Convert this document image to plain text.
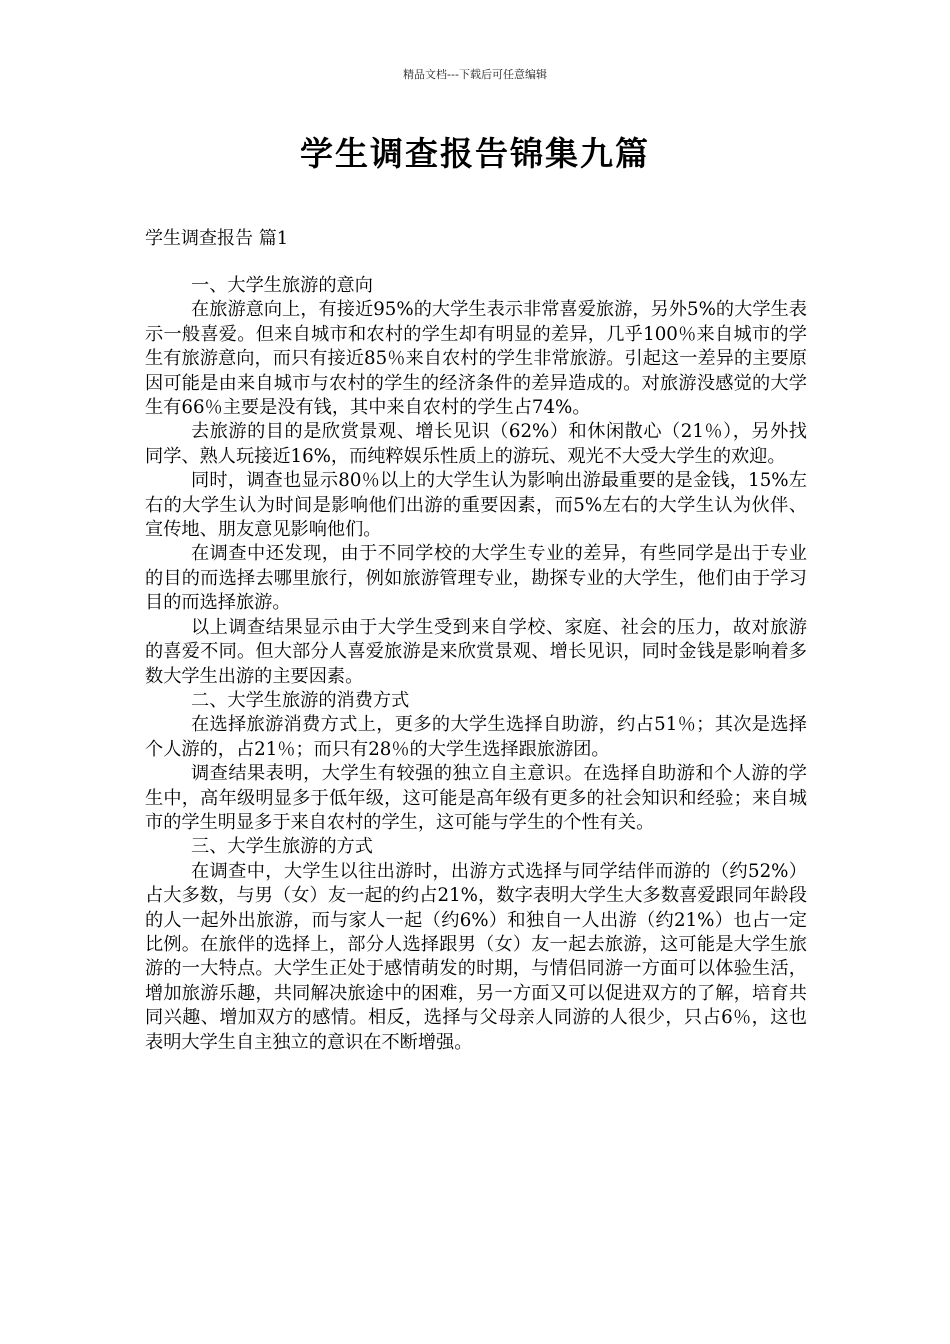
精品文档---下载后可任意编辑
学生调查报告锦集九篇
学生调查报告 篇1

一、大学生旅游的意向

在旅游意向上，有接近95%的大学生表示非常喜爱旅游，另外5%的大学生表示一般喜爱。但来自城市和农村的学生却有明显的差异，几乎100％来自城市的学生有旅游意向，而只有接近85％来自农村的学生非常旅游。引起这一差异的主要原因可能是由来自城市与农村的学生的经济条件的差异造成的。对旅游没感觉的大学生有66％主要是没有钱，其中来自农村的学生占74%。

去旅游的目的是欣赏景观、增长见识（62%）和休闲散心（21％），另外找同学、熟人玩接近16%，而纯粹娱乐性质上的游玩、观光不大受大学生的欢迎。

同时，调查也显示80％以上的大学生认为影响出游最重要的是金钱，15%左右的大学生认为时间是影响他们出游的重要因素，而5%左右的大学生认为伙伴、宣传地、朋友意见影响他们。

在调查中还发现，由于不同学校的大学生专业的差异，有些同学是出于专业的目的而选择去哪里旅行，例如旅游管理专业，勘探专业的大学生，他们由于学习目的而选择旅游。

以上调查结果显示由于大学生受到来自学校、家庭、社会的压力，故对旅游的喜爱不同。但大部分人喜爱旅游是来欣赏景观、增长见识，同时金钱是影响着多数大学生出游的主要因素。

二、大学生旅游的消费方式

在选择旅游消费方式上，更多的大学生选择自助游，约占51％；其次是选择个人游的，占21％；而只有28％的大学生选择跟旅游团。

调查结果表明，大学生有较强的独立自主意识。在选择自助游和个人游的学生中，高年级明显多于低年级，这可能是高年级有更多的社会知识和经验；来自城市的学生明显多于来自农村的学生，这可能与学生的个性有关。

三、大学生旅游的方式

在调查中，大学生以往出游时，出游方式选择与同学结伴而游的（约52%）占大多数，与男（女）友一起的约占21%，数字表明大学生大多数喜爱跟同年龄段的人一起外出旅游，而与家人一起（约6%）和独自一人出游（约21%）也占一定比例。在旅伴的选择上，部分人选择跟男（女）友一起去旅游，这可能是大学生旅游的一大特点。大学生正处于感情萌发的时期，与情侣同游一方面可以体验生活，增加旅游乐趣，共同解决旅途中的困难，另一方面又可以促进双方的了解，培育共同兴趣、增加双方的感情。相反，选择与父母亲人同游的人很少，只占6％，这也表明大学生自主独立的意识在不断增强。
